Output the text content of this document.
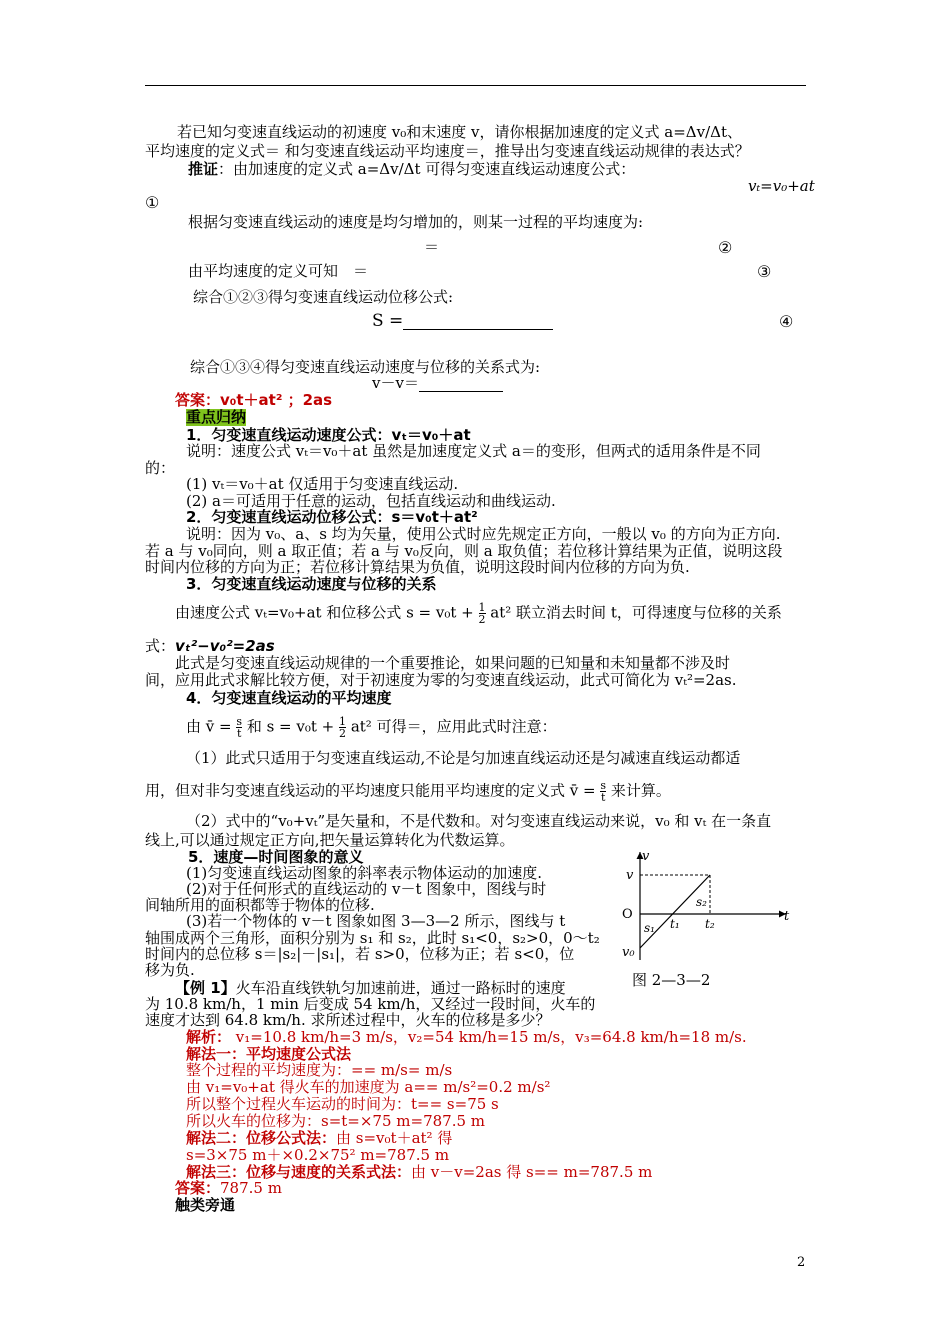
若已知匀变速直线运动的初速度 v₀和末速度 v，请你根据加速度的定义式 a=Δv/Δt、
平均速度的定义式＝ 和匀变速直线运动平均速度＝，推导出匀变速直线运动规律的表达式？
推证：由加速度的定义式 a=Δv/Δt 可得匀变速直线运动速度公式：
vₜ=v₀+at
①
根据匀变速直线运动的速度是均匀增加的，则某一过程的平均速度为:
＝	②
由平均速度的定义可知　＝	③
综合①②③得匀变速直线运动位移公式:
S =	④
综合①③④得匀变速直线运动速度与位移的关系式为:
v－v＝
答案：v₀t＋at² ；2as
重点归纳
1．匀变速直线运动速度公式：vₜ＝v₀＋at
说明：速度公式 vₜ＝v₀＋at 虽然是加速度定义式 a＝的变形，但两式的适用条件是不同
的：
(1) vₜ＝v₀＋at 仅适用于匀变速直线运动.
(2) a＝可适用于任意的运动，包括直线运动和曲线运动.
2．匀变速直线运动位移公式：s＝v₀t＋at²
说明：因为 v₀、a、s 均为矢量，使用公式时应先规定正方向，一般以 v₀ 的方向为正方向.
若 a 与 v₀同向，则 a 取正值；若 a 与 v₀反向，则 a 取负值；若位移计算结果为正值，说明这段
时间内位移的方向为正；若位移计算结果为负值，说明这段时间内位移的方向为负.
3．匀变速直线运动速度与位移的关系
由速度公式 vₜ=v₀+at 和位移公式 $s = v_0t + \frac{1}{2} at^2$ 联立消去时间 t，可得速度与位移的关系
式：vₜ²−v₀²=2as
此式是匀变速直线运动规律的一个重要推论，如果问题的已知量和未知量都不涉及时
间，应用此式求解比较方便，对于初速度为零的匀变速直线运动，此式可简化为 vₜ²=2as.
4．匀变速直线运动的平均速度
由 v̄ = $\frac{s}{t}$ 和 $s = v_0t + \frac{1}{2} at^2$ 可得＝，应用此式时注意：
（1）此式只适用于匀变速直线运动,不论是匀加速直线运动还是匀减速直线运动都适
用，但对非匀变速直线运动的平均速度只能用平均速度的定义式 v̄ = $\frac{s}{t}$ 来计算。
（2）式中的“v₀+vₜ”是矢量和，不是代数和。对匀变速直线运动来说，v₀ 和 vₜ 在一条直
线上,可以通过规定正方向,把矢量运算转化为代数运算。
5．速度—时间图象的意义
(1)匀变速直线运动图象的斜率表示物体运动的加速度.
(2)对于任何形式的直线运动的 v－t 图象中，图线与时
间轴所用的面积都等于物体的位移.
(3)若一个物体的 v－t 图象如图 3—3—2 所示，图线与 t
轴围成两个三角形，面积分别为 s₁ 和 s₂，此时 s₁<0，s₂>0，0～t₂
时间内的总位移 s＝|s₂|－|s₁|，若 s>0，位移为正；若 s<0，位
移为负.
v
t
O
v
v₀
s₁
s₂
t₁ t₂
图 2—3—2
【例 1】火车沿直线铁轨匀加速前进，通过一路标时的速度
为 10.8 km/h，1 min 后变成 54 km/h，又经过一段时间，火车的
速度才达到 64.8 km/h. 求所述过程中，火车的位移是多少？
解析： v₁=10.8 km/h=3 m/s，v₂=54 km/h=15 m/s，v₃=64.8 km/h=18 m/s.
解法一：平均速度公式法
整个过程的平均速度为：== m/s= m/s
由 v₁=v₀+at 得火车的加速度为 a== m/s²=0.2 m/s²
所以整个过程火车运动的时间为：t== s=75 s
所以火车的位移为：s=t=×75 m=787.5 m
解法二：位移公式法：由 s=v₀t＋at² 得
s=3×75 m＋×0.2×75² m=787.5 m
解法三：位移与速度的关系式法：由 v－v=2as 得 s== m=787.5 m
答案：787.5 m
触类旁通
2
